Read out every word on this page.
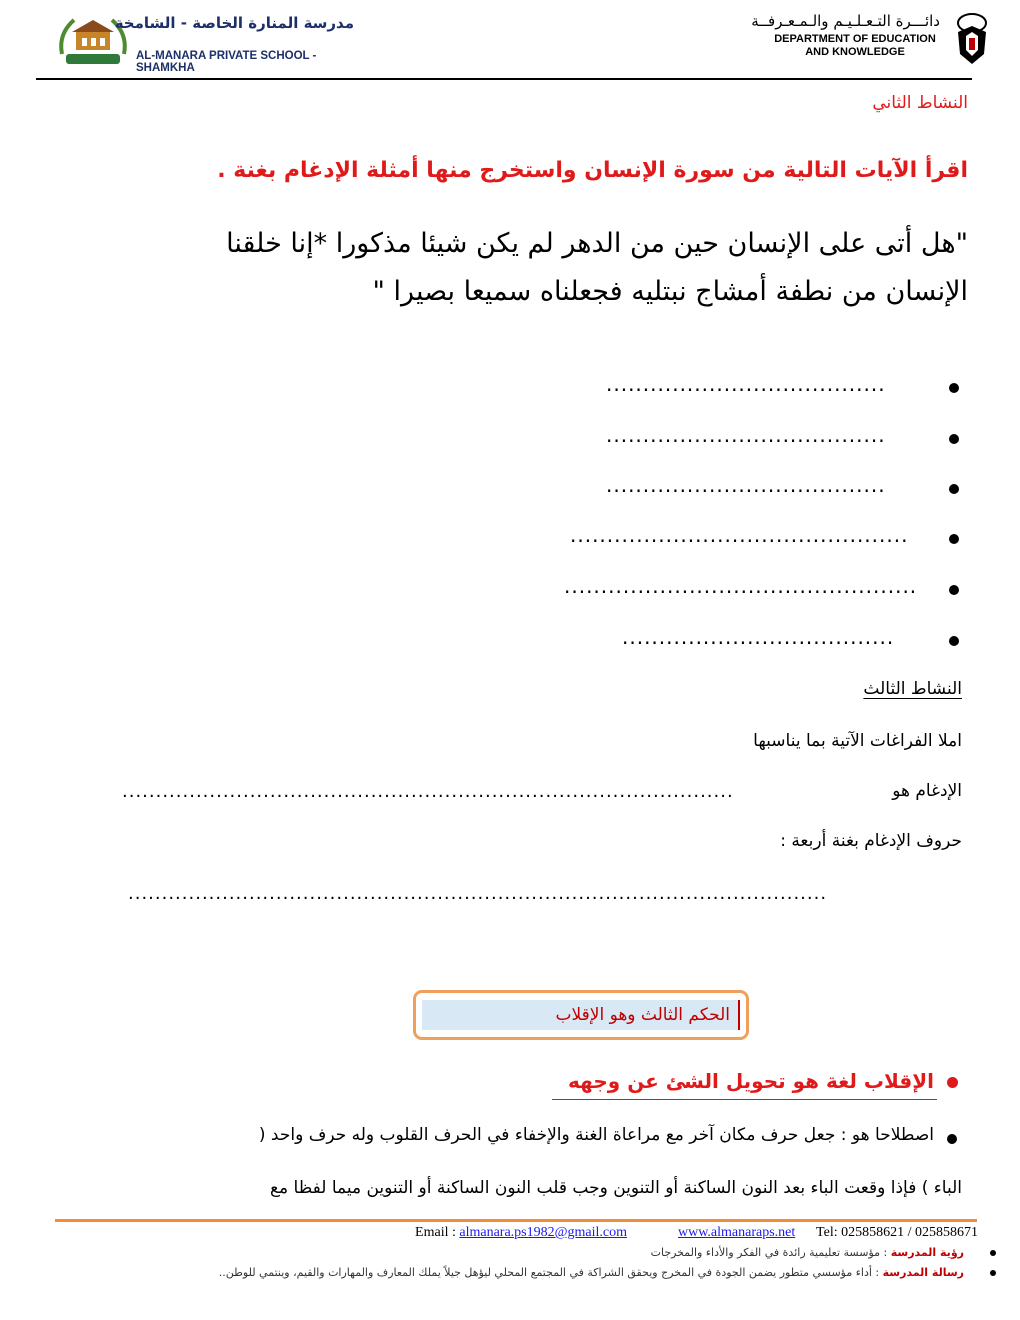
دائـــرة التـعـلـيـم والـمـعـرفــة
DEPARTMENT OF EDUCATION
AND KNOWLEDGE
مدرسة المنارة الخاصة - الشامخة
AL-MANARA PRIVATE SCHOOL - SHAMKHA
النشاط الثاني
اقرأ الآيات التالية من سورة الإنسان واستخرج منها أمثلة الإدغام بغنة .
"هل أتى على الإنسان حين من الدهر لم يكن شيئا مذكورا *إنا خلقنا
الإنسان من نطفة أمشاج نبتليه فجعلناه سميعا بصيرا "
......................................
......................................
......................................
..............................................
................................................
.....................................
النشاط الثالث
املا الفراغات الآتية بما يناسبها
الإدغام هو
...........................................................................................
حروف الإدغام بغنة أربعة :
........................................................................................................
الحكم الثالث وهو الإقلاب
الإقلاب لغة هو تحويل الشئ عن وجهه
اصطلاحا هو : جعل حرف مكان آخر مع مراعاة الغنة والإخفاء في الحرف القلوب وله حرف واحد (
الباء ) فإذا وقعت الباء بعد النون الساكنة أو التنوين وجب قلب النون الساكنة أو التنوين ميما لفظا مع
Email : almanara.ps1982@gmail.com	www.almanaraps.net Tel: 025858621 / 025858671
رؤية المدرسة : مؤسسة تعليمية رائدة في الفكر والأداء والمخرجات
رسالة المدرسة : أداء مؤسسي متطور يضمن الجودة في المخرج ويحقق الشراكة في المجتمع المحلي ليؤهل جيلاً يملك المعارف والمهارات والقيم، وينتمي للوطن..
